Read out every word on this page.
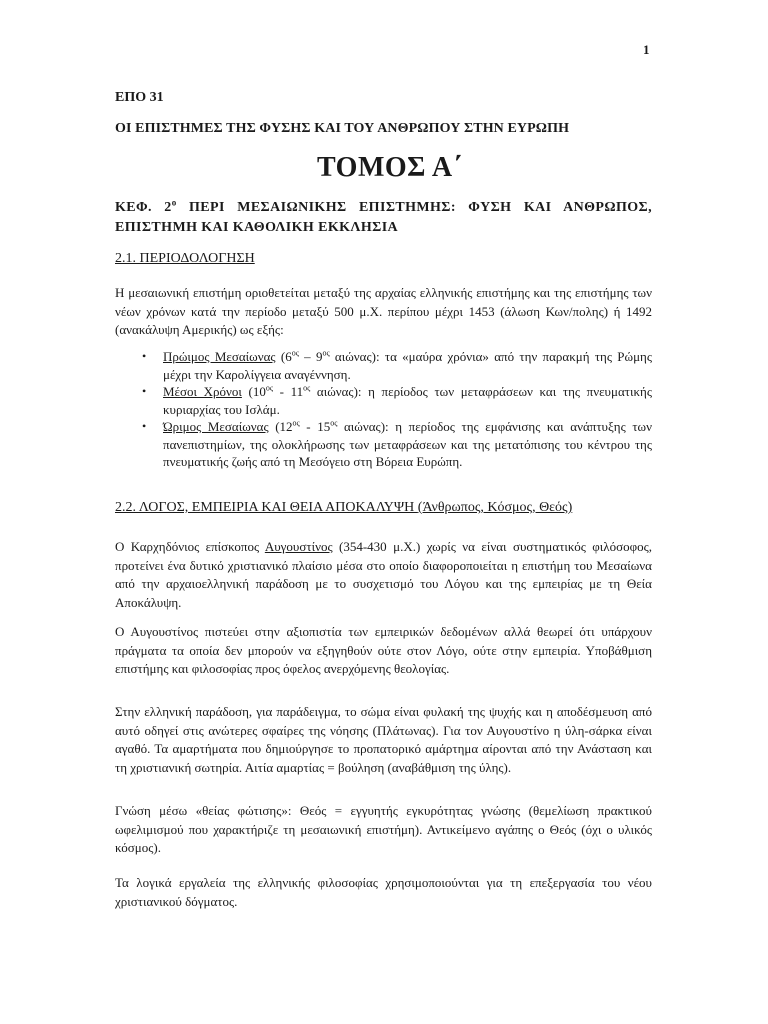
1
ΕΠΟ 31
ΟΙ ΕΠΙΣΤΗΜΕΣ ΤΗΣ ΦΥΣΗΣ ΚΑΙ ΤΟΥ ΑΝΘΡΩΠΟΥ ΣΤΗΝ ΕΥΡΩΠΗ
ΤΟΜΟΣ Α΄
ΚΕΦ. $2^o$ ΠΕΡΙ ΜΕΣΑΙΩΝΙΚΗΣ ΕΠΙΣΤΗΜΗΣ: ΦΥΣΗ ΚΑΙ ΑΝΘΡΩΠΟΣ, ΕΠΙΣΤΗΜΗ ΚΑΙ ΚΑΘΟΛΙΚΗ ΕΚΚΛΗΣΙΑ
2.1. ΠΕΡΙΟΔΟΛΟΓΗΣΗ

Η μεσαιωνική επιστήμη οριοθετείται μεταξύ της αρχαίας ελληνικής επιστήμης και της επιστήμης των νέων χρόνων κατά την περίοδο μεταξύ 500 μ.Χ. περίπου μέχρι 1453 (άλωση Κων/πολης) ή 1492 (ανακάλυψη Αμερικής) ως εξής:

• Πρώιμος Μεσαίωνας ($6^{o\varsigma} - 9^{o\varsigma}$ αιώνας): τα «μαύρα χρόνια» από την παρακμή της Ρώμης μέχρι την Καρολίγγεια αναγέννηση.
• Μέσοι Χρόνοι ($10^{o\varsigma} - 11^{o\varsigma}$ αιώνας): η περίοδος των μεταφράσεων και της πνευματικής κυριαρχίας του Ισλάμ.
• Ώριμος Μεσαίωνας ($12^{o\varsigma} - 15^{o\varsigma}$ αιώνας): η περίοδος της εμφάνισης και ανάπτυξης των πανεπιστημίων, της ολοκλήρωσης των μεταφράσεων και της μετατόπισης του κέντρου της πνευματικής ζωής από τη Μεσόγειο στη Βόρεια Ευρώπη.
2.2. ΛΟΓΟΣ, ΕΜΠΕΙΡΙΑ ΚΑΙ ΘΕΙΑ ΑΠΟΚΑΛΥΨΗ (Άνθρωπος, Κόσμος, Θεός)

Ο Καρχηδόνιος επίσκοπος Αυγουστίνος (354-430 μ.Χ.) χωρίς να είναι συστηματικός φιλόσοφος, προτείνει ένα δυτικό χριστιανικό πλαίσιο μέσα στο οποίο διαφοροποιείται η επιστήμη του Μεσαίωνα από την αρχαιοελληνική παράδοση με το συσχετισμό του Λόγου και της εμπειρίας με τη Θεία Αποκάλυψη.

Ο Αυγουστίνος πιστεύει στην αξιοπιστία των εμπειρικών δεδομένων αλλά θεωρεί ότι υπάρχουν πράγματα τα οποία δεν μπορούν να εξηγηθούν ούτε στον Λόγο, ούτε στην εμπειρία. Υποβάθμιση επιστήμης και φιλοσοφίας προς όφελος ανερχόμενης θεολογίας.

Στην ελληνική παράδοση, για παράδειγμα, το σώμα είναι φυλακή της ψυχής και η αποδέσμευση από αυτό οδηγεί στις ανώτερες σφαίρες της νόησης (Πλάτωνας). Για τον Αυγουστίνο η ύλη-σάρκα είναι αγαθό. Τα αμαρτήματα που δημιούργησε το προπατορικό αμάρτημα αίρονται από την Ανάσταση και τη χριστιανική σωτηρία. Αιτία αμαρτίας = βούληση (αναβάθμιση της ύλης).

Γνώση μέσω «θείας φώτισης»: Θεός = εγγυητής εγκυρότητας γνώσης (θεμελίωση πρακτικού ωφελιμισμού που χαρακτήριζε τη μεσαιωνική επιστήμη). Αντικείμενο αγάπης ο Θεός (όχι ο υλικός κόσμος).

Τα λογικά εργαλεία της ελληνικής φιλοσοφίας χρησιμοποιούνται για τη επεξεργασία του νέου χριστιανικού δόγματος.
